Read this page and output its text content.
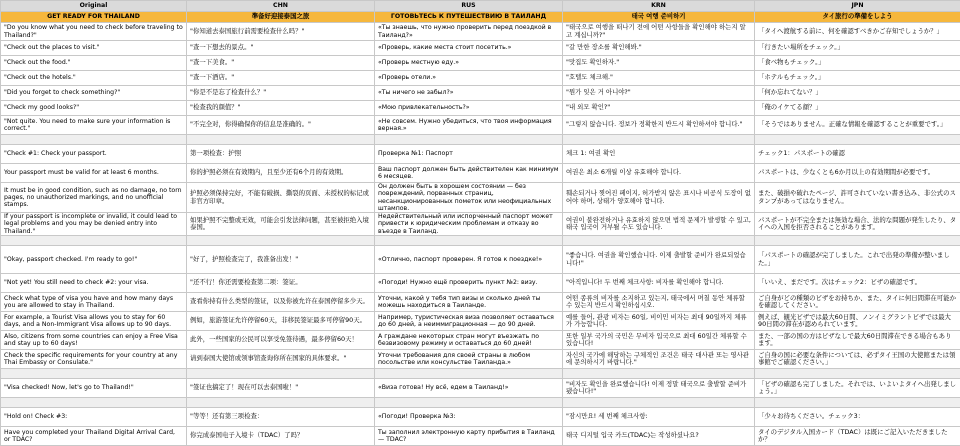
Original	CHN	RUS	KRN	JPN
GET READY FOR THAILAND	準备好迎接泰国之旅	ГОТОВЬТЕСЬ К ПУТЕШЕСТВИЮ В ТАИЛАНД	태국 여행 준비하기	タイ旅行の準備をしよう
"Do you know what you need to check before traveling to Thailand?"	"你知道去泰国旅行前需要检查什么吗？"	«Ты знаешь, что нужно проверить перед поездкой в Таиланд?»	"태국으로 여행을 떠나기 전에 어떤 사항들을 확인해야 하는지 알고 계십니까?"	「タイへ渡航する前に、何を確認すべきかご存知でしょうか？」
"Check out the places to visit."	"查一下想去的景点。"	«Проверь, какие места стоит посетить.»	"갈 만한 장소를 확인해봐."	「行きたい場所をチェック。」
"Check out the food."	"查一下美食。"	«Проверь местную еду.»	"맛집도 확인하자."	「食べ物もチェック。」
"Check out the hotels."	"查一下酒店。"	«Проверь отели.»	"호텔도 체크해."	「ホテルもチェック。」
"Did you forget to check something?"	"你是不是忘了检查什么？"	«Ты ничего не забыл?»	"뭔가 잊은 거 아니야?"	「何か忘れてない？」
"Check my good looks?"	"检查我的颜值？"	«Мою привлекательность?»	"내 외모 확인?"	「俺のイケてる顔？」
"Not quite. You need to make sure your information is correct."	"不完全对，你得确保你的信息是准确的。"	«Не совсем. Нужно убедиться, что твоя информация верная.»	"그렇지 않습니다. 정보가 정확한지 반드시 확인하셔야 합니다."	「そうではありません。正確な情報を確認することが重要です。」

"Check #1: Check your passport.	第一项检查：护照	Проверка №1: Паспорт	체크 1: 여권 확인	チェック1：パスポートの確認
Your passport must be valid for at least 6 months.	你的护照必须在有效期内，且至少还有6个月的有效期。	Ваш паспорт должен быть действителен как минимум 6 месяцев.	여권은 최소 6개월 이상 유효해야 합니다.	パスポートは、少なくとも6か月以上の有効期間が必要です。
It must be in good condition, such as no damage, no torn pages, no unauthorized markings, and no unofficial stamps.	护照必须保持完好，不能有破损、撕裂的页面、未授权的标记或非官方印章。	Он должен быть в хорошем состоянии — без повреждений, порванных страниц, несанкционированных пометок или неофициальных штампов.	훼손되거나 찢어진 페이지, 허가받지 않은 표시나 비공식 도장이 없어야 하며, 상태가 양호해야 합니다.	また、破損や破れたページ、許可されていない書き込み、非公式のスタンプがあってはなりません。
If your passport is incomplete or invalid, it could lead to legal problems and you may be denied entry into Thailand."	如果护照不完整或无效，可能会引发法律问题，甚至被拒绝入境泰国。	Недействительный или испорченный паспорт может привести к юридическим проблемам и отказу во въезде в Таиланд.	여권이 불완전하거나 유효하지 않으면 법적 문제가 발생할 수 있고, 태국 입국이 거부될 수도 있습니다.	パスポートが不完全または無効な場合、法的な問題が発生したり、タイへの入国を拒否されることがあります。

"Okay, passport checked. I'm ready to go!"	"好了，护照检查完了，我准备出发！"	«Отлично, паспорт проверен. Я готов к поездке!»	"좋습니다. 여권을 확인했습니다. 이제 출발할 준비가 완료되었습니다!"	「パスポートの確認が完了しました。これで出発の準備が整いました。」
"Not yet! You still need to check #2: your visa.	"还不行！你还需要检查第二项：签证。	«Погоди! Нужно ещё проверить пункт №2: визу.	"아직입니다! 두 번째 체크사항: 비자를 확인해야 합니다.	「いいえ、まだです。次はチェック2：ビザの確認です。
Check what type of visa you have and how many days you are allowed to stay in Thailand.	查看你持有什么类型的签证，以及你被允许在泰国停留多少天。	Уточни, какой у тебя тип визы и сколько дней ты можешь находиться в Таиланде.	어떤 종류의 비자를 소지하고 있는지, 태국에서 며칠 동안 체류할 수 있는지 반드시 확인하십시오.	ご自身がどの種類のビザをお持ちか、また、タイに何日間滞在可能かを確認してください。
For example, a Tourist Visa allows you to stay for 60 days, and a Non-Immigrant Visa allows up to 90 days.	例如，旅游签证允许停留60天，非移民签证最多可停留90天。	Например, туристическая виза позволяет оставаться до 60 дней, а неиммиграционная — до 90 дней.	예를 들어, 관광 비자는 60일, 비이민 비자는 최대 90일까지 체류가 가능합니다.	例えば、観光ビザでは最大60日間、ノンイミグラントビザでは最大90日間の滞在が認められています。
Also, citizens from some countries can enjoy a Free Visa and stay up to 60 days!	此外，一些国家的公民可以享受免签待遇，最多停留60天！	А граждане некоторых стран могут въезжать по безвизовому режиму и оставаться до 60 дней!	또한 일부 국가의 국민은 무비자 입국으로 최대 60일간 체류할 수 있습니다!	また、一部の国の方はビザなしで最大60日間滞在できる場合もあります。
Check the specific requirements for your country at any Thai Embassy or Consulate."	请到泰国大使馆或领事馆查询你所在国家的具体要求。"	Уточни требования для своей страны в любом посольстве или консульстве Таиланда.»	자신의 국가에 해당하는 구체적인 조건은 태국 대사관 또는 영사관에 문의하시기 바랍니다."	ご自身の国に必要な条件については、必ずタイ王国の大使館または領事館でご確認ください。」

"Visa checked! Now, let's go to Thailand!"	"签证也搞定了！现在可以去泰国啦！"	«Виза готова! Ну всё, едем в Таиланд!»	"비자도 확인을 완료했습니다! 이제 정말 태국으로 출발할 준비가 됐습니다!"	「ビザの確認も完了しました。それでは、いよいよタイへ出発しましょう。」

"Hold on! Check #3:	"等等！还有第三项检查：	«Погоди! Проверка №3:	"잠시만요! 세 번째 체크사항:	「少々お待ちください。チェック3：
Have you completed your Thailand Digital Arrival Card, or TDAC?	你完成泰国电子入境卡（TDAC）了吗？	Ты заполнил электронную карту прибытия в Таиланд — TDAC?	태국 디지털 입국 카드(TDAC)는 작성하셨나요?	タイのデジタル入国カード（TDAC）は既にご記入いただきましたか？
